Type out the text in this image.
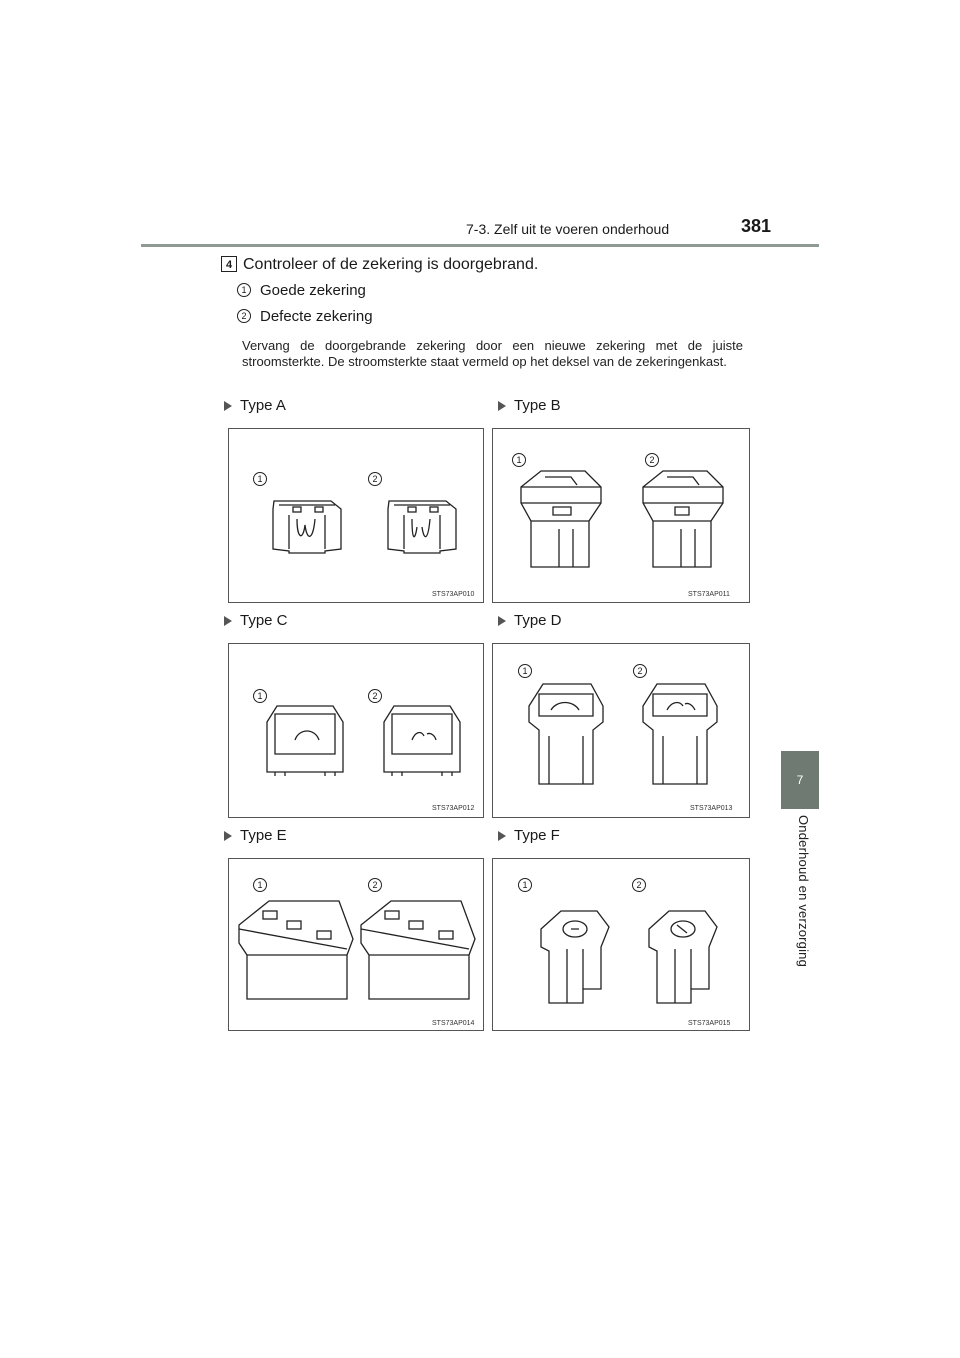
7-3. Zelf uit te voeren onderhoud	381
7
Onderhoud en verzorging
4 Controleer of de zekering is doorgebrand.
1 Goede zekering
2 Defecte zekering
Vervang de doorgebrande zekering door een nieuwe zekering met de juiste stroomsterkte. De stroomsterkte staat vermeld op het deksel van de zekeringenkast.
Type A	Type B
Type C	Type D
Type E	Type F
1	2
STS73AP010
1	2
STS73AP011
1	2
STS73AP012
1	2
STS73AP013
1	2
STS73AP014
1	2
STS73AP015
